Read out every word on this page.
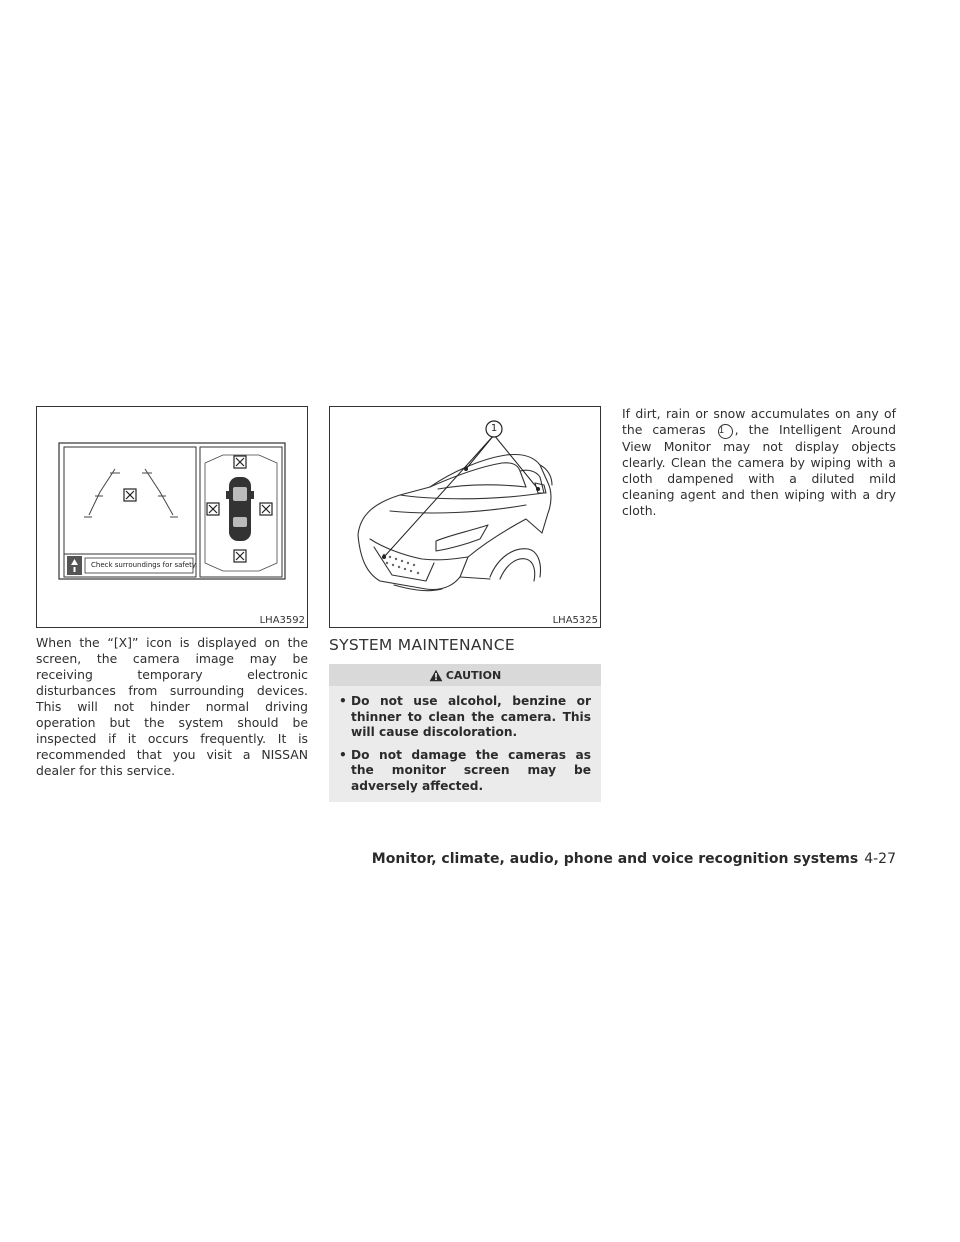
Check surroundings for safety.
LHA3592
1
LHA5325
When the “[X]” icon is displayed on the screen, the camera image may be receiving temporary electronic disturbances from surrounding devices. This will not hinder normal driving operation but the system should be inspected if it occurs frequently. It is recommended that you visit a NISSAN dealer for this service.
SYSTEM MAINTENANCE
CAUTION
• Do not use alcohol, benzine or thinner to clean the camera. This will cause discoloration.
• Do not damage the cameras as the monitor screen may be adversely affected.
If dirt, rain or snow accumulates on any of the cameras 1 , the Intelligent Around View Monitor may not display objects clearly. Clean the camera by wiping with a cloth dampened with a diluted mild cleaning agent and then wiping with a dry cloth.
Monitor, climate, audio, phone and voice recognition systems 4-27
